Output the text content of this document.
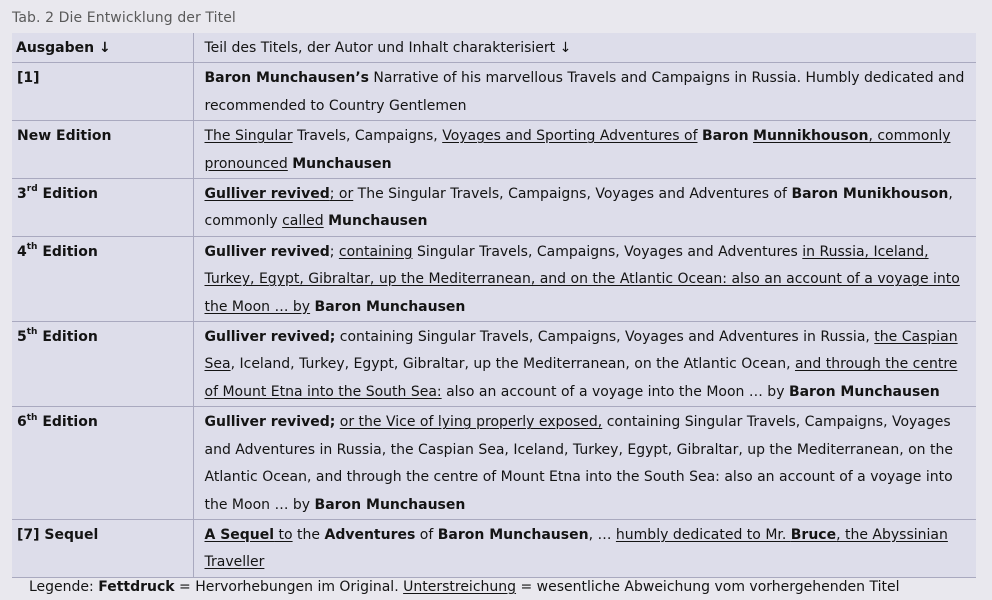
Tab. 2 Die Entwicklung der Titel
Ausgaben ↓	Teil des Titels, der Autor und Inhalt charakterisiert ↓
[1]	Baron Munchausen’s Narrative of his marvellous Travels and Campaigns in Russia. Humbly dedicated and recommended to Country Gentlemen
New Edition	The Singular Travels, Campaigns, Voyages and Sporting Adventures of Baron Munnikhouson, commonly pronounced Munchausen
3rd Edition	Gulliver revived; or The Singular Travels, Campaigns, Voyages and Adventures of Baron Munikhouson, commonly called Munchausen
4th Edition	Gulliver revived; containing Singular Travels, Campaigns, Voyages and Adventures in Russia, Iceland, Turkey, Egypt, Gibraltar, up the Mediterranean, and on the Atlantic Ocean: also an account of a voyage into the Moon … by Baron Munchausen
5th Edition	Gulliver revived; containing Singular Travels, Campaigns, Voyages and Adventures in Russia, the Caspian Sea, Iceland, Turkey, Egypt, Gibraltar, up the Mediterranean, on the Atlantic Ocean, and through the centre of Mount Etna into the South Sea: also an account of a voyage into the Moon … by Baron Munchausen
6th Edition	Gulliver revived; or the Vice of lying properly exposed, containing Singular Travels, Campaigns, Voyages and Adventures in Russia, the Caspian Sea, Iceland, Turkey, Egypt, Gibraltar, up the Mediterranean, on the Atlantic Ocean, and through the centre of Mount Etna into the South Sea: also an account of a voyage into the Moon … by Baron Munchausen
[7] Sequel	A Sequel to the Adventures of Baron Munchausen, … humbly dedicated to Mr. Bruce, the Abyssinian Traveller
Legende: Fettdruck = Hervorhebungen im Original. Unterstreichung = wesentliche Abweichung vom vorhergehenden Titel
